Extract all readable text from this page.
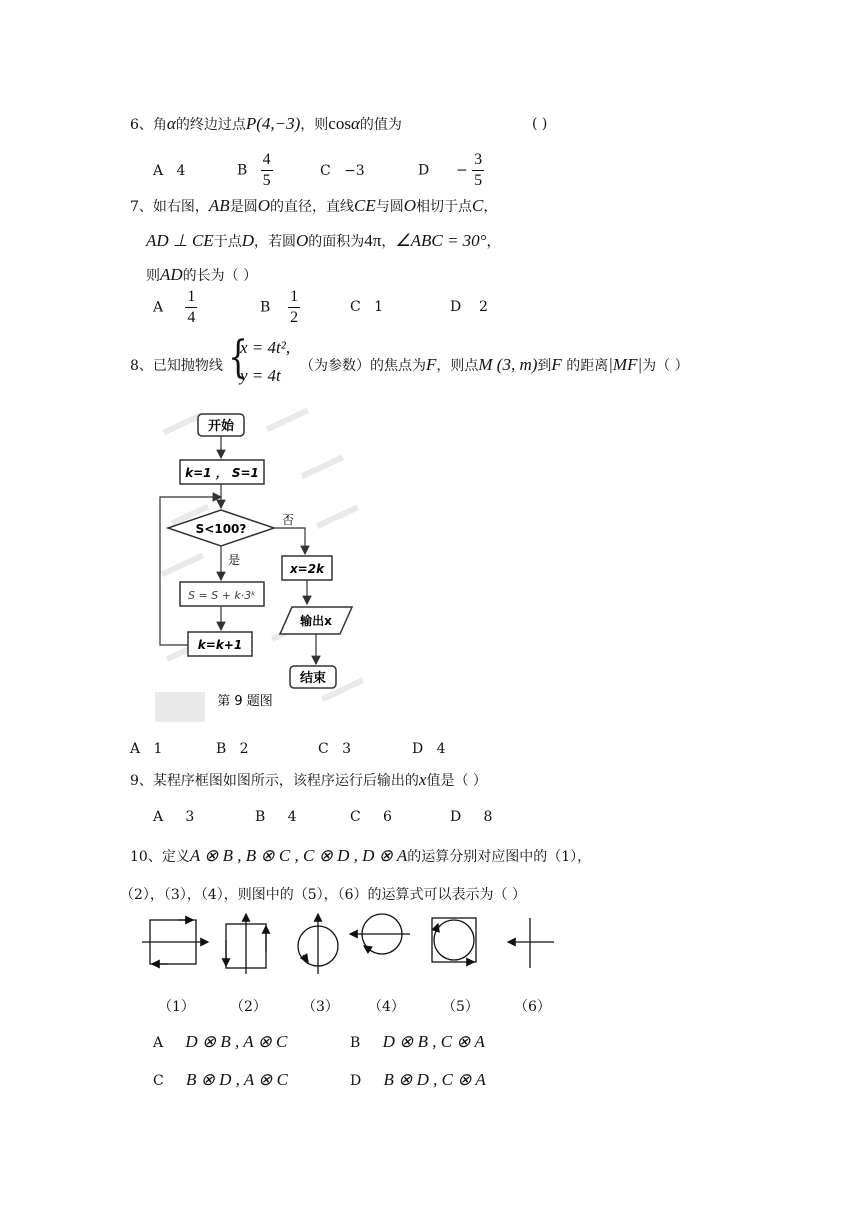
6、角α的终边过点P(4,−3)，则cosα的值为	( )
A 4	B $\frac{4}{5}$	C −3	$D - \frac{3}{5}$
7、如右图，AB是圆O的直径，直线CE与圆O相切于点C，
AD ⊥ CE于点D，若圆O的面积为4π，∠ABC = 30°，
则AD的长为（ ）
A $\frac{1}{4}$	B $\frac{1}{2}$	C 1	D 2
8、已知抛物线 {
x = 4t²,
y = 4t （为参数）的焦点为F，则点M (3, m)到F 的距离|MF|为（ ）
开始
k=1 ， S=1
S<100?
否
是
S = S + k·3ᵏ
k=k+1
x=2k
输出x
结束
第 9 题图
A 1	B 2	C 3	D 4
9、某程序框图如图所示，该程序运行后输出的x值是（ ）
A 3	B 4	C 6	D 8
10、定义A ⊗ B , B ⊗ C , C ⊗ D , D ⊗ A的运算分别对应图中的（1），
（2），（3），（4），则图中的（5），（6）的运算式可以表示为（ ）
（1）	（2）	（3） （4）	（5）	（6）
A D ⊗ B , A ⊗ C	B D ⊗ B , C ⊗ A
C B ⊗ D , A ⊗ C	D B ⊗ D , C ⊗ A
